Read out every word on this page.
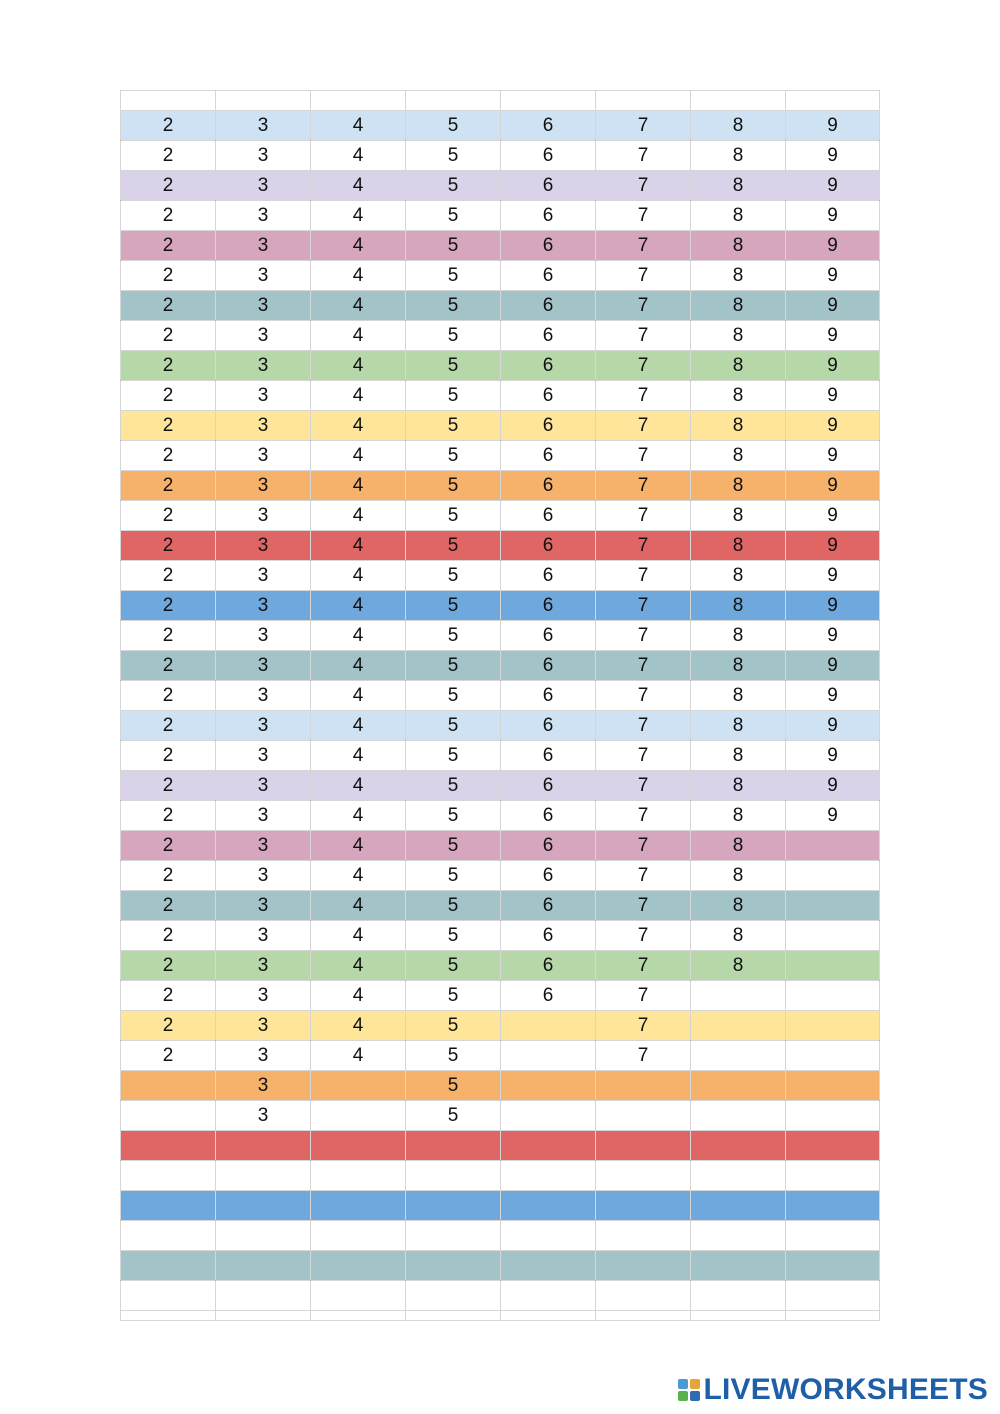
2	3	4	5	6	7	8	9
2	3	4	5	6	7	8	9
2	3	4	5	6	7	8	9
2	3	4	5	6	7	8	9
2	3	4	5	6	7	8	9
2	3	4	5	6	7	8	9
2	3	4	5	6	7	8	9
2	3	4	5	6	7	8	9
2	3	4	5	6	7	8	9
2	3	4	5	6	7	8	9
2	3	4	5	6	7	8	9
2	3	4	5	6	7	8	9
2	3	4	5	6	7	8	9
2	3	4	5	6	7	8	9
2	3	4	5	6	7	8	9
2	3	4	5	6	7	8	9
2	3	4	5	6	7	8	9
2	3	4	5	6	7	8	9
2	3	4	5	6	7	8	9
2	3	4	5	6	7	8	9
2	3	4	5	6	7	8	9
2	3	4	5	6	7	8	9
2	3	4	5	6	7	8	9
2	3	4	5	6	7	8	9
2	3	4	5	6	7	8	
2	3	4	5	6	7	8	
2	3	4	5	6	7	8	
2	3	4	5	6	7	8	
2	3	4	5	6	7	8	
2	3	4	5	6	7		
2	3	4	5		7		
2	3	4	5		7		
	3		5				
	3		5				

LIVEWORKSHEETS
